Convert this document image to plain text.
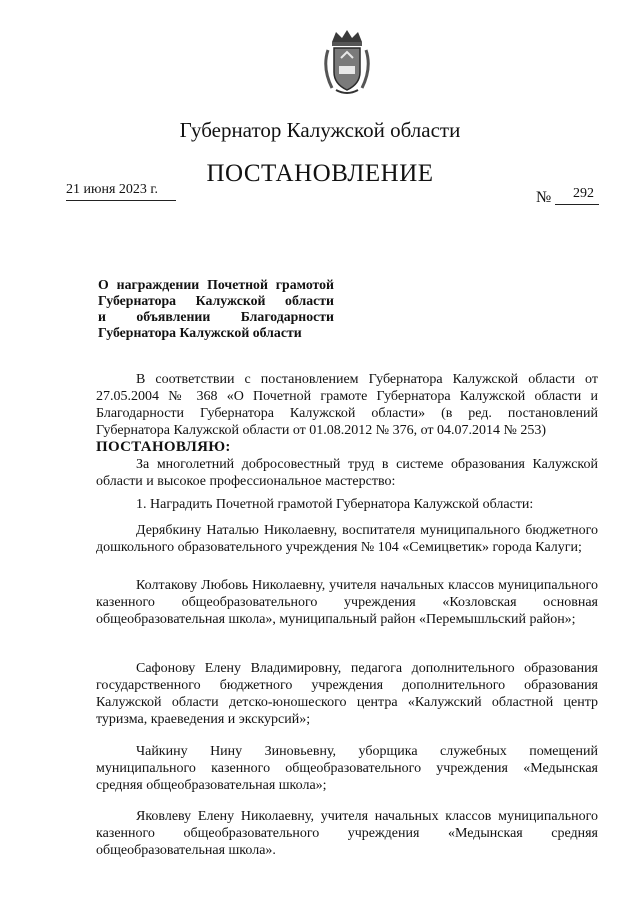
Губернатор Калужской области
ПОСТАНОВЛЕНИЕ
21 июня 2023 г.	№ 292
О награждении Почетной грамотой
Губернатора Калужской области
и объявлении Благодарности
Губернатора Калужской области
В соответствии с постановлением Губернатора Калужской области от 27.05.2004 № 368 «О Почетной грамоте Губернатора Калужской области и Благодарности Губернатора Калужской области» (в ред. постановлений Губернатора Калужской области от 01.08.2012 № 376, от 04.07.2014 № 253)
ПОСТАНОВЛЯЮ:
За многолетний добросовестный труд в системе образования Калужской области и высокое профессиональное мастерство:
1. Наградить Почетной грамотой Губернатора Калужской области:
Дерябкину Наталью Николаевну, воспитателя муниципального бюджетного дошкольного образовательного учреждения № 104 «Семицветик» города Калуги;
Колтакову Любовь Николаевну, учителя начальных классов муниципального казенного общеобразовательного учреждения «Козловская основная общеобразовательная школа», муниципальный район «Перемышльский район»;
Сафонову Елену Владимировну, педагога дополнительного образования государственного бюджетного учреждения дополнительного образования Калужской области детско-юношеского центра «Калужский областной центр туризма, краеведения и экскурсий»;
Чайкину Нину Зиновьевну, уборщика служебных помещений муниципального казенного общеобразовательного учреждения «Медынская средняя общеобразовательная школа»;
Яковлеву Елену Николаевну, учителя начальных классов муниципального казенного общеобразовательного учреждения «Медынская средняя общеобразовательная школа».
